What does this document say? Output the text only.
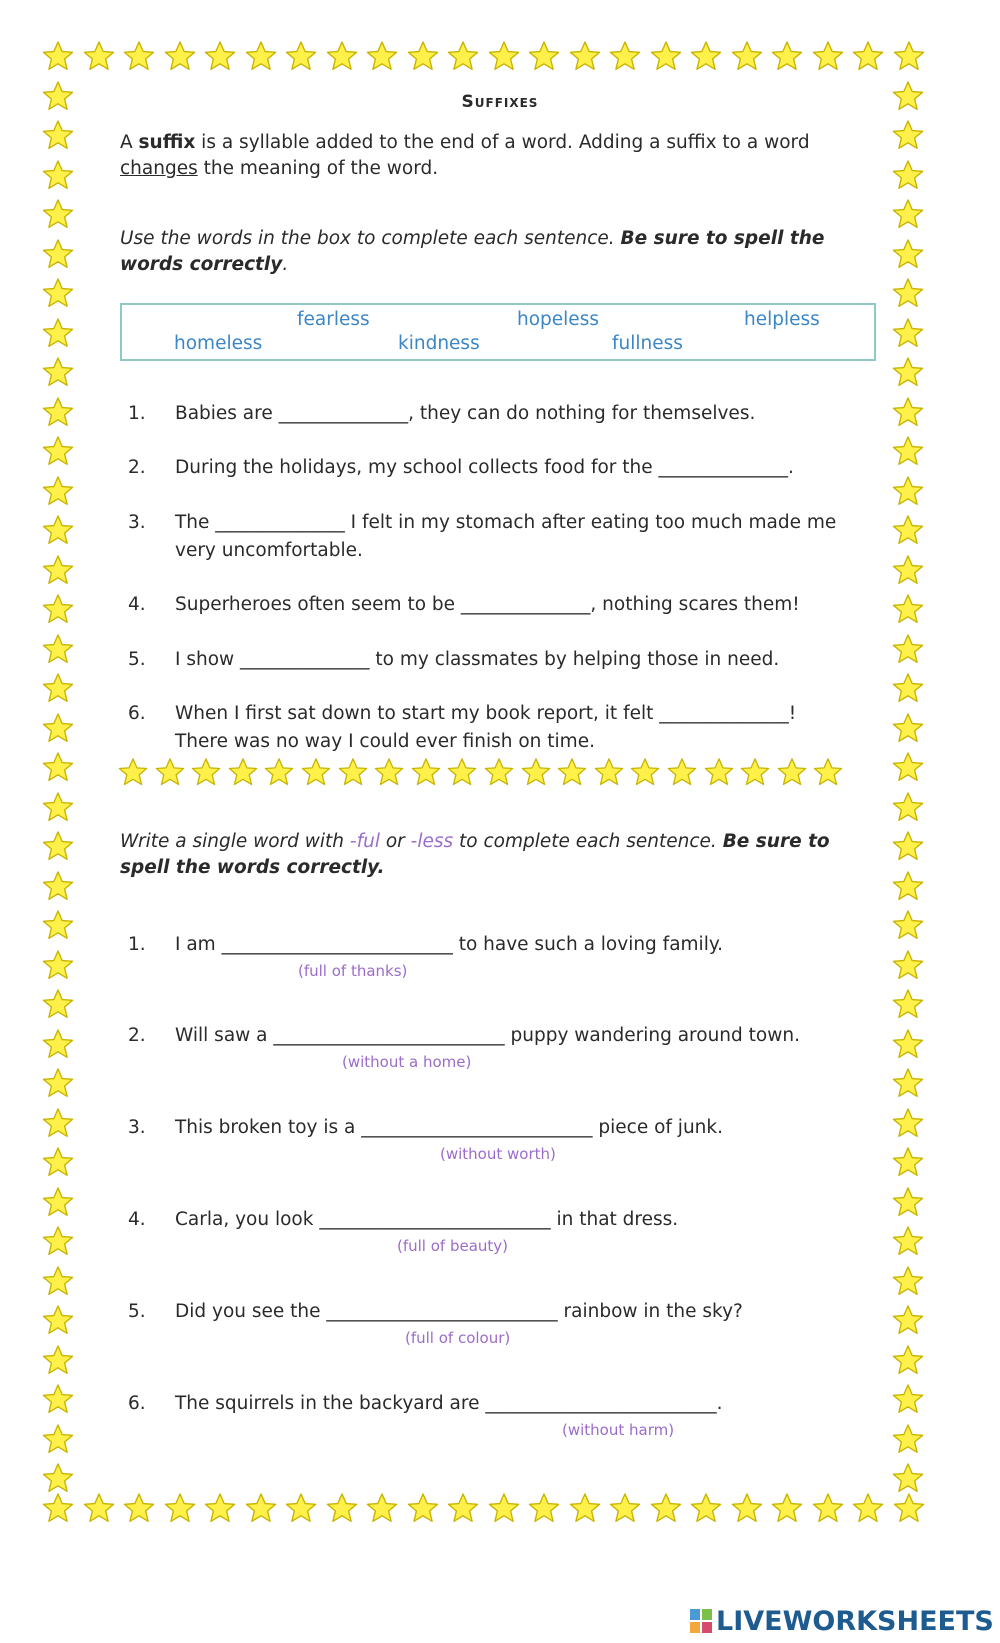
Suffixes
A suffix is a syllable added to the end of a word. Adding a suffix to a word changes the meaning of the word.
Use the words in the box to complete each sentence. Be sure to spell the words correctly.
fearless	hopeless	helpless
homeless	kindness	fullness
1. Babies are ______________, they can do nothing for themselves.
2. During the holidays, my school collects food for the ______________.
3. The ______________ I felt in my stomach after eating too much made me
very uncomfortable.
4. Superheroes often seem to be ______________, nothing scares them!
5. I show ______________ to my classmates by helping those in need.
6. When I first sat down to start my book report, it felt ______________!
There was no way I could ever finish on time.
Write a single word with -ful or -less to complete each sentence. Be sure to spell the words correctly.
1. I am _________________________ to have such a loving family.
(full of thanks)
2. Will saw a _________________________ puppy wandering around town.
(without a home)
3. This broken toy is a _________________________ piece of junk.
(without worth)
4. Carla, you look _________________________ in that dress.
(full of beauty)
5. Did you see the _________________________ rainbow in the sky?
(full of colour)
6. The squirrels in the backyard are _________________________.
(without harm)
LIVEWORKSHEETS
